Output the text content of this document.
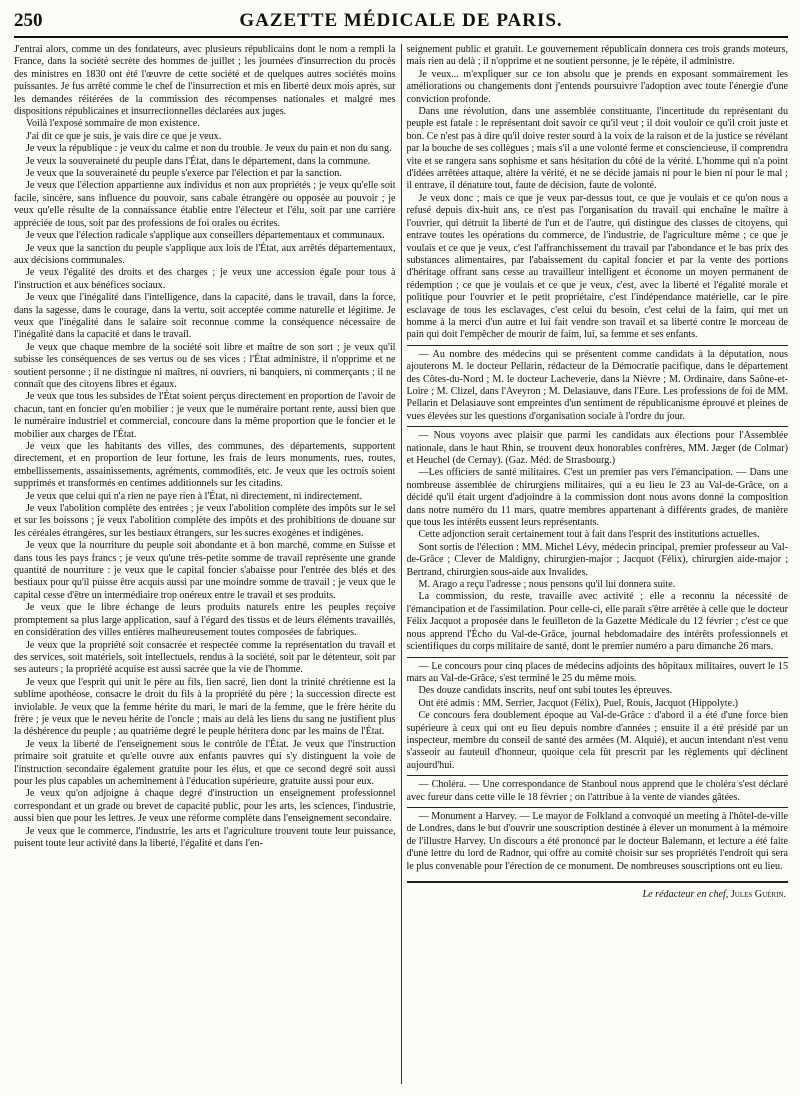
250	GAZETTE MÉDICALE DE PARIS.

J'entrai alors, comme un des fondateurs, avec plusieurs républicains dont le nom a rempli la France, dans la société secrète des hommes de juillet ; les journées d'insurrection du procès des ministres en 1830 ont été l'œuvre de cette société et de quelques autres sociétés moins puissantes. Je fus arrêté comme le chef de l'insurrection et mis en liberté deux mois après, sur les demandes réitérées de la commission des récompenses nationales et malgré mes dispositions républicaines et insurrectionnelles déclarées aux juges.

Voilà l'exposé sommaire de mon existence.

J'ai dit ce que je suis, je vais dire ce que je veux.

Je veux la république : je veux du calme et non du trouble. Je veux du pain et non du sang.

Je veux la souveraineté du peuple dans l'État, dans le département, dans la commune.

Je veux que la souveraineté du peuple s'exerce par l'élection et par la sanction.

Je veux que l'élection appartienne aux individus et non aux propriétés ; je veux qu'elle soit facile, sincère, sans influence du pouvoir, sans cabale étrangère ou opposée au pouvoir ; je veux qu'elle résulte de la connaissance établie entre l'électeur et l'élu, soit par une carrière appréciée de tous, soit par des professions de foi orales ou écrites.

Je veux que l'élection radicale s'applique aux conseillers départementaux et communaux.

Je veux que la sanction du peuple s'applique aux lois de l'État, aux arrêtés départementaux, aux décisions communales.

Je veux l'égalité des droits et des charges ; je veux une accession égale pour tous à l'instruction et aux bénéfices sociaux.

Je veux que l'inégalité dans l'intelligence, dans la capacité, dans le travail, dans la force, dans la sagesse, dans le courage, dans la vertu, soit acceptée comme naturelle et légitime. Je veux que l'inégalité dans le salaire soit reconnue comme la conséquence nécessaire de l'inégalité dans la capacité et dans le travail.

Je veux que chaque membre de la société soit libre et maître de son sort ; je veux qu'il subisse les conséquences de ses vertus ou de ses vices : l'État administre, il n'opprime et ne soutient personne ; il ne distingue ni maîtres, ni ouvriers, ni banquiers, ni commerçants ; il ne connaît que des citoyens libres et égaux.

Je veux que tous les subsides de l'État soient perçus directement en proportion de l'avoir de chacun, tant en foncier qu'en mobilier : je veux que le numéraire portant rente, aussi bien que le numéraire industriel et commercial, concoure dans la même proportion que le foncier et le mobilier aux charges de l'État.

Je veux que les habitants des villes, des communes, des départements, supportent directement, et en proportion de leur fortune, les frais de leurs monuments, rues, routes, embellissements, assainissements, agréments, commodités, etc. Je veux que les octrois soient supprimés et transformés en centimes additionnels sur les citadins.

Je veux que celui qui n'a rien ne paye rien à l'État, ni directement, ni indirectement.

Je veux l'abolition complète des entrées ; je veux l'abolition complète des impôts sur le sel et sur les boissons ; je veux l'abolition complète des impôts et des prohibitions de douane sur les céréales étrangères, sur les bestiaux étrangers, sur les sucres exogènes et indigènes.

Je veux que la nourriture du peuple soit abondante et à bon marché, comme en Suisse et dans tous les pays francs ; je veux qu'une très-petite somme de travail représente une grande quantité de nourriture : je veux que le capital foncier s'abaisse pour l'entrée des blés et des bestiaux pour qu'il puisse être acquis aussi par une moindre somme de travail ; je veux que le capital cesse d'être un intermédiaire trop onéreux entre le travail et ses produits.

Je veux que le libre échange de leurs produits naturels entre les peuples reçoive promptement sa plus large application, sauf à l'égard des tissus et de leurs éléments travaillés, en considération des villes entières malheureusement toutes composées de fabriques.

Je veux que la propriété soit consacrée et respectée comme la représentation du travail et des services, soit matériels, soit intellectuels, rendus à la société, soit par le détenteur, soit par ses auteurs ; la propriété acquise est aussi sacrée que la vie de l'homme.

Je veux que l'esprit qui unit le père au fils, lien sacré, lien dont la trinité chrétienne est la sublime apothéose, consacre le droit du fils à la propriété du père ; la succession directe est inviolable. Je veux que la femme hérite du mari, le mari de la femme, que le frère hérite du frère ; je veux que le neveu hérite de l'oncle ; mais au delà les liens du sang ne justifient plus la déshérence du peuple ; au quatrième degré le peuple héritera donc par les mains de l'État.

Je veux la liberté de l'enseignement sous le contrôle de l'État. Je veux que l'instruction primaire soit gratuite et qu'elle ouvre aux enfants pauvres qui s'y distinguent la voie de l'instruction secondaire également gratuite pour les élus, et que ce second degré soit aussi pour les plus capables un acheminement à l'éducation supérieure, gratuite aussi pour eux.

Je veux qu'on adjoigne à chaque degré d'instruction un enseignement professionnel correspondant et un grade ou brevet de capacité public, pour les arts, les sciences, l'industrie, aussi bien que pour les lettres. Je veux une réforme complète dans l'enseignement secondaire.

Je veux que le commerce, l'industrie, les arts et l'agriculture trouvent toute leur puissance, puisent toute leur activité dans la liberté, l'égalité et dans l'en-

seignement public et gratuit. Le gouvernement républicain donnera ces trois grands moteurs, mais rien au delà ; il n'opprime et ne soutient personne, je le répète, il administre.

Je veux... m'expliquer sur ce ton absolu que je prends en exposant sommairement les améliorations ou changements dont j'entends poursuivre l'adoption avec toute l'énergie d'une conviction profonde.

Dans une révolution, dans une assemblée constituante, l'incertitude du représentant du peuple est fatale : le représentant doit savoir ce qu'il veut ; il doit vouloir ce qu'il croit juste et bon. Ce n'est pas à dire qu'il doive rester sourd à la voix de la raison et de la justice se révélant par la bouche de ses collègues ; mais s'il a une volonté ferme et consciencieuse, il comprendra vite et se rangera sans sophisme et sans hésitation du côté de la vérité. L'homme qui n'a point d'idées arrêtées attaque, altère la vérité, et ne se décide jamais ni pour le bien ni pour le mal ; il entrave, il dénature tout, faute de décision, faute de volonté.

Je veux donc ; mais ce que je veux par-dessus tout, ce que je voulais et ce qu'on nous a refusé depuis dix-huit ans, ce n'est pas l'organisation du travail qui enchaîne le maître à l'ouvrier, qui détruit la liberté de l'un et de l'autre, qui distingue des classes de citoyens, qui entrave toutes les opérations du commerce, de l'industrie, de l'agriculture même ; ce que je voulais et ce que je veux, c'est l'affranchissement du travail par l'abondance et le bas prix des substances alimentaires, par l'abaissement du capital foncier et par la vente des portions d'héritage offrant sans cesse au travailleur intelligent et économe un moyen permanent de rédemption ; ce que je voulais et ce que je veux, c'est, avec la liberté et l'égalité morale et politique pour l'ouvrier et le petit propriétaire, c'est l'indépendance matérielle, car le pire esclavage de tous les esclavages, c'est celui du besoin, c'est celui de la faim, qui met un homme à la merci d'un autre et lui fait vendre son travail et sa liberté contre le morceau de pain qui doit l'empêcher de mourir de faim, lui, sa femme et ses enfants.

— Au nombre des médecins qui se présentent comme candidats à la députation, nous ajouterons M. le docteur Pellarin, rédacteur de la Démocratie pacifique, dans le département des Côtes-du-Nord ; M. le docteur Lacheverie, dans la Nièvre ; M. Ordinaire, dans Saône-et-Loire ; M. Clizel, dans l'Aveyron ; M. Delasiauve, dans l'Eure. Les professions de foi de MM. Pellarin et Delasiauve sont empreintes d'un sentiment de républicanisme éprouvé et pleines de vues élevées sur les questions d'organisation sociale à l'ordre du jour.

— Nous voyons avec plaisir que parmi les candidats aux élections pour l'Assemblée nationale, dans le haut Rhin, se trouvent deux honorables confrères, MM. Jæger (de Colmar) et Heuchel (de Cernay). (Gaz. Méd. de Strasbourg.)

—Les officiers de santé militaires. C'est un premier pas vers l'émancipation. — Dans une nombreuse assemblée de chirurgiens militaires, qui a eu lieu le 23 au Val-de-Grâce, on a décidé qu'il était urgent d'adjoindre à la commission dont nous avons donné la composition dans notre numéro du 11 mars, quatre membres appartenant à différents grades, de manière que tous les intérêts eussent leurs représentants.

Cette adjonction serait certainement tout à fait dans l'esprit des institutions actuelles.

Sont sortis de l'élection : MM. Michel Lévy, médecin principal, premier professeur au Val-de-Grâce ; Clever de Maldigny, chirurgien-major ; Jacquot (Félix), chirurgien aide-major ; Bertrand, chirurgien sous-aide aux Invalides.

M. Arago a reçu l'adresse ; nous pensons qu'il lui donnera suite.

La commission, du reste, travaille avec activité ; elle a reconnu la nécessité de l'émancipation et de l'assimilation. Pour celle-ci, elle paraît s'être arrêtée à celle que le docteur Félix Jacquot a proposée dans le feuilleton de la Gazette Médicale du 12 février ; c'est ce que nous apprend l'Écho du Val-de-Grâce, journal hebdomadaire des intérêts professionnels et scientifiques du corps militaire de santé, dont le premier numéro a paru dimanche 26 mars.

— Le concours pour cinq places de médecins adjoints des hôpitaux militaires, ouvert le 15 mars au Val-de-Grâce, s'est terminé le 25 du même mois.

Des douze candidats inscrits, neuf ont subi toutes les épreuves.

Ont été admis : MM. Serrier, Jacquot (Félix), Puel, Rouis, Jacquot (Hippolyte.)

Ce concours fera doublement époque au Val-de-Grâce : d'abord il a été d'une force bien supérieure à ceux qui ont eu lieu depuis nombre d'années ; ensuite il a été présidé par un inspecteur, membre du conseil de santé des armées (M. Alquié), et aucun intendant n'est venu s'asseoir au fauteuil d'honneur, quoique cela fût prescrit par les règlements qui déclinent aujourd'hui.

— Choléra. — Une correspondance de Stanboul nous apprend que le choléra s'est déclaré avec fureur dans cette ville le 18 février ; on l'attribue à la vente de viandes gâtées.

— Monument a Harvey. — Le mayor de Folkland a convoqué un meeting à l'hôtel-de-ville de Londres, dans le but d'ouvrir une souscription destinée à élever un monument à la mémoire de l'illustre Harvey. Un discours a été prononcé par le docteur Balemann, et lecture a été faite d'une lettre du lord de Radnor, qui offre au comité choisir sur ses propriétés l'endroit qui sera le plus convenable pour l'érection de ce monument. De nombreuses souscriptions ont eu lieu.

Le rédacteur en chef, Jules Guérin.
